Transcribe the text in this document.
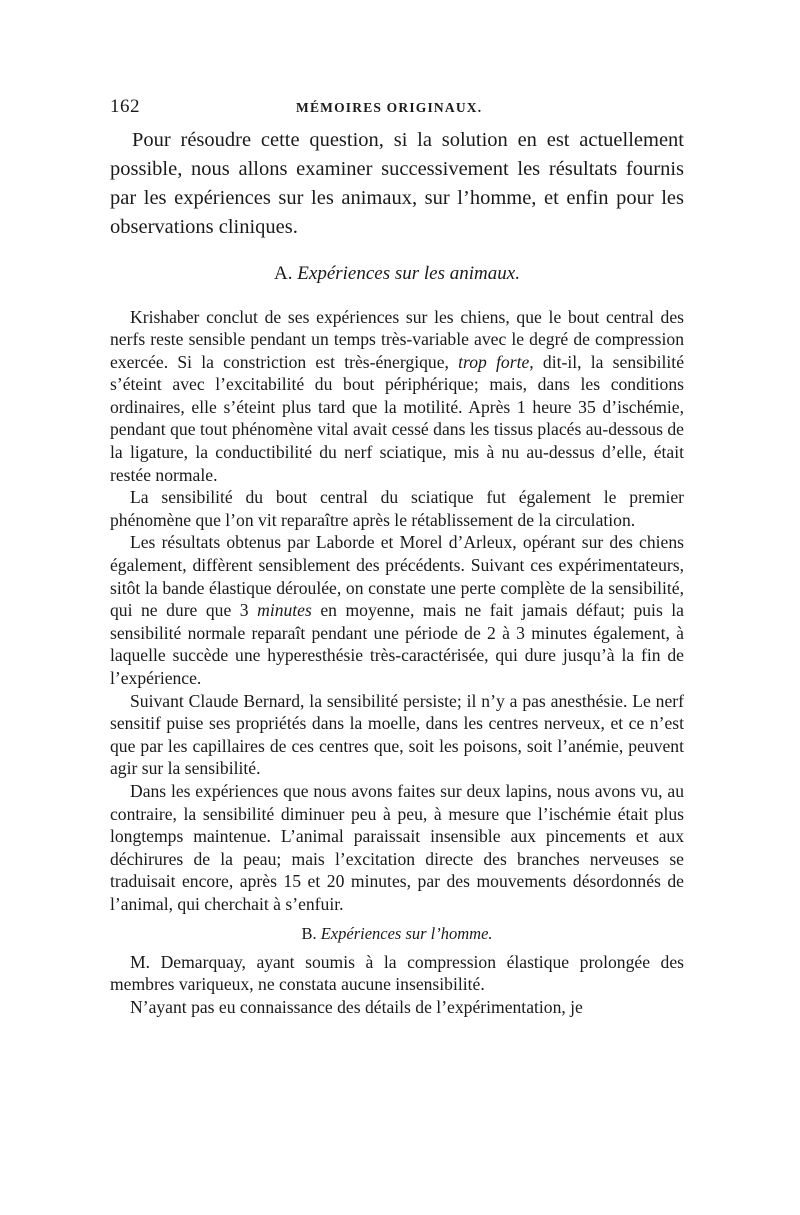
162	MÉMOIRES ORIGINAUX.

Pour résoudre cette question, si la solution en est actuellement possible, nous allons examiner successivement les résultats fournis par les expériences sur les animaux, sur l’homme, et enfin pour les observations cliniques.

A. Expériences sur les animaux.

Krishaber conclut de ses expériences sur les chiens, que le bout central des nerfs reste sensible pendant un temps très-variable avec le degré de compression exercée. Si la constriction est très-énergique, trop forte, dit-il, la sensibilité s’éteint avec l’excitabilité du bout périphérique; mais, dans les conditions ordinaires, elle s’éteint plus tard que la motilité. Après 1 heure 35 d’ischémie, pendant que tout phénomène vital avait cessé dans les tissus placés au-dessous de la ligature, la conductibilité du nerf sciatique, mis à nu au-dessus d’elle, était restée normale.

La sensibilité du bout central du sciatique fut également le premier phénomène que l’on vit reparaître après le rétablissement de la circulation.

Les résultats obtenus par Laborde et Morel d’Arleux, opérant sur des chiens également, diffèrent sensiblement des précédents. Suivant ces expérimentateurs, sitôt la bande élastique déroulée, on constate une perte complète de la sensibilité, qui ne dure que 3 minutes en moyenne, mais ne fait jamais défaut; puis la sensibilité normale reparaît pendant une période de 2 à 3 minutes également, à laquelle succède une hyperesthésie très-caractérisée, qui dure jusqu’à la fin de l’expérience.

Suivant Claude Bernard, la sensibilité persiste; il n’y a pas anesthésie. Le nerf sensitif puise ses propriétés dans la moelle, dans les centres nerveux, et ce n’est que par les capillaires de ces centres que, soit les poisons, soit l’anémie, peuvent agir sur la sensibilité.

Dans les expériences que nous avons faites sur deux lapins, nous avons vu, au contraire, la sensibilité diminuer peu à peu, à mesure que l’ischémie était plus longtemps maintenue. L’animal paraissait insensible aux pincements et aux déchirures de la peau; mais l’excitation directe des branches nerveuses se traduisait encore, après 15 et 20 minutes, par des mouvements désordonnés de l’animal, qui cherchait à s’enfuir.

B. Expériences sur l’homme.

M. Demarquay, ayant soumis à la compression élastique prolongée des membres variqueux, ne constata aucune insensibilité.

N’ayant pas eu connaissance des détails de l’expérimentation, je
